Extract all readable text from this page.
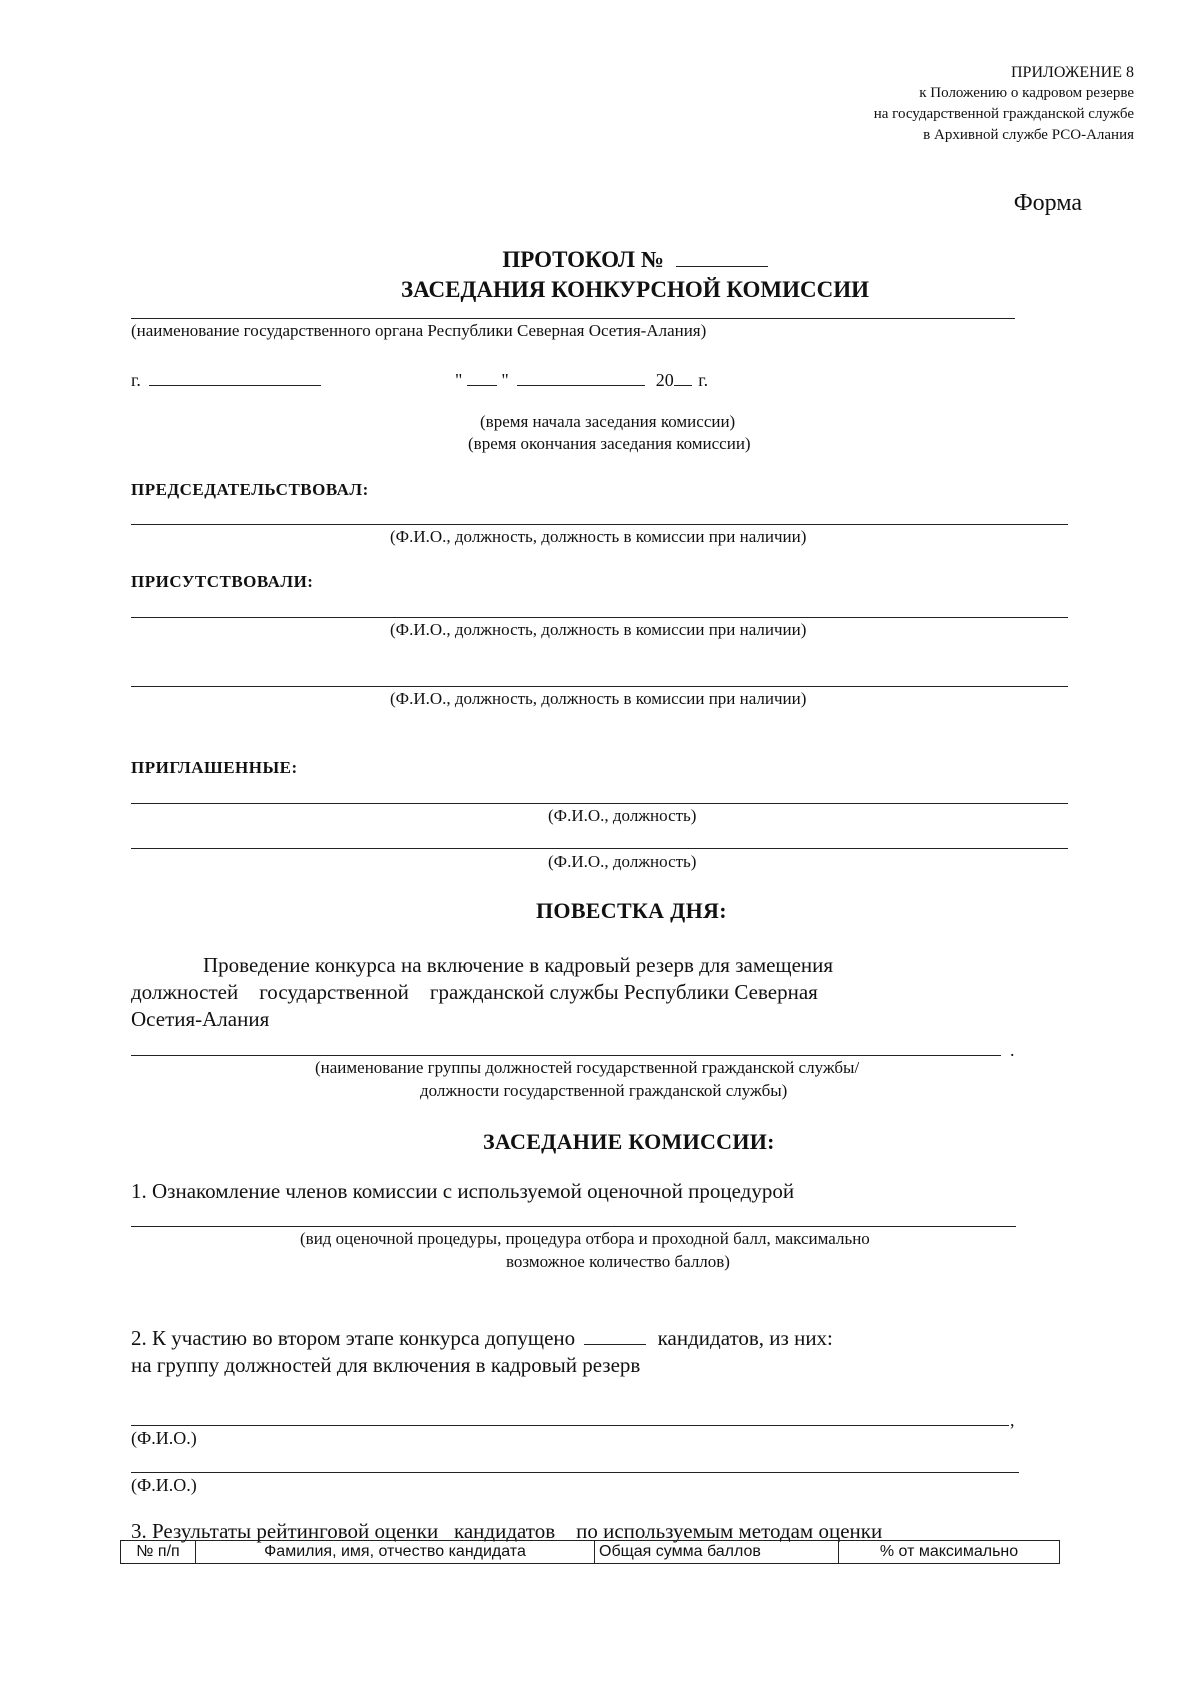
ПРИЛОЖЕНИЕ 8
к Положению о кадровом резерве
на государственной гражданской службе
в Архивной службе РСО-Алания
Форма
ПРОТОКОЛ №
ЗАСЕДАНИЯ КОНКУРСНОЙ КОМИССИИ
(наименование государственного органа Республики Северная Осетия-Алания)
г.	" "	20 г.
(время начала заседания комиссии)
(время окончания заседания комиссии)
ПРЕДСЕДАТЕЛЬСТВОВАЛ:
(Ф.И.О., должность, должность в комиссии при наличии)
ПРИСУТСТВОВАЛИ:
(Ф.И.О., должность, должность в комиссии при наличии)
(Ф.И.О., должность, должность в комиссии при наличии)
ПРИГЛАШЕННЫЕ:
(Ф.И.О., должность)
(Ф.И.О., должность)
ПОВЕСТКА ДНЯ:
Проведение конкурса на включение в кадровый резерв для замещения
должностей    государственной    гражданской службы Республики Северная
Осетия-Алания
.
(наименование группы должностей государственной гражданской службы/
должности государственной гражданской службы)
ЗАСЕДАНИЕ КОМИССИИ:
1. Ознакомление членов комиссии с используемой оценочной процедурой
(вид оценочной процедуры, процедура отбора и проходной балл, максимально
возможное количество баллов)
2. К участию во втором этапе конкурса допущено	кандидатов, из них:
на группу должностей для включения в кадровый резерв
,
(Ф.И.О.)
(Ф.И.О.)
3. Результаты рейтинговой оценки   кандидатов    по используемым методам оценки
№ п/п	Фамилия, имя, отчество кандидата	Общая сумма баллов	% от максимально
